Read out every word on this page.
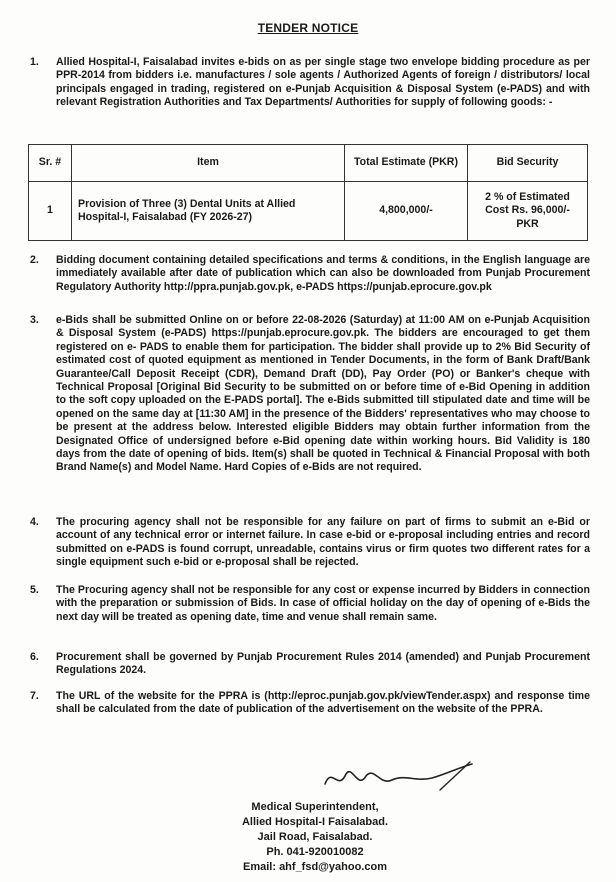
TENDER NOTICE
1.	Allied Hospital-I, Faisalabad invites e-bids on as per single stage two envelope bidding procedure as per PPR-2014 from bidders i.e. manufactures / sole agents / Authorized Agents of foreign / distributors/ local principals engaged in trading, registered on e-Punjab Acquisition & Disposal System (e-PADS) and with relevant Registration Authorities and Tax Departments/ Authorities for supply of following goods: -
Sr. #	Item	Total Estimate (PKR)	Bid Security
1	Provision of Three (3) Dental Units at Allied Hospital-I, Faisalabad (FY 2026-27)	4,800,000/-	2 % of Estimated Cost Rs. 96,000/- PKR
2.	Bidding document containing detailed specifications and terms & conditions, in the English language are immediately available after date of publication which can also be downloaded from Punjab Procurement Regulatory Authority http://ppra.punjab.gov.pk, e-PADS https://punjab.eprocure.gov.pk
3.	e-Bids shall be submitted Online on or before 22-08-2026 (Saturday) at 11:00 AM on e-Punjab Acquisition & Disposal System (e-PADS) https://punjab.eprocure.gov.pk. The bidders are encouraged to get them registered on e- PADS to enable them for participation. The bidder shall provide up to 2% Bid Security of estimated cost of quoted equipment as mentioned in Tender Documents, in the form of Bank Draft/Bank Guarantee/Call Deposit Receipt (CDR), Demand Draft (DD), Pay Order (PO) or Banker's cheque with Technical Proposal [Original Bid Security to be submitted on or before time of e-Bid Opening in addition to the soft copy uploaded on the E-PADS portal]. The e-Bids submitted till stipulated date and time will be opened on the same day at [11:30 AM] in the presence of the Bidders' representatives who may choose to be present at the address below. Interested eligible Bidders may obtain further information from the Designated Office of undersigned before e-Bid opening date within working hours. Bid Validity is 180 days from the date of opening of bids. Item(s) shall be quoted in Technical & Financial Proposal with both Brand Name(s) and Model Name. Hard Copies of e-Bids are not required.
4.	The procuring agency shall not be responsible for any failure on part of firms to submit an e-Bid or account of any technical error or internet failure. In case e-bid or e-proposal including entries and record submitted on e-PADS is found corrupt, unreadable, contains virus or firm quotes two different rates for a single equipment such e-bid or e-proposal shall be rejected.
5.	The Procuring agency shall not be responsible for any cost or expense incurred by Bidders in connection with the preparation or submission of Bids. In case of official holiday on the day of opening of e-Bids the next day will be treated as opening date, time and venue shall remain same.
6.	Procurement shall be governed by Punjab Procurement Rules 2014 (amended) and Punjab Procurement Regulations 2024.
7.	The URL of the website for the PPRA is (http://eproc.punjab.gov.pk/viewTender.aspx) and response time shall be calculated from the date of publication of the advertisement on the website of the PPRA.
Medical Superintendent,
Allied Hospital-I Faisalabad.
Jail Road, Faisalabad.
Ph. 041-920010082
Email: ahf_fsd@yahoo.com
